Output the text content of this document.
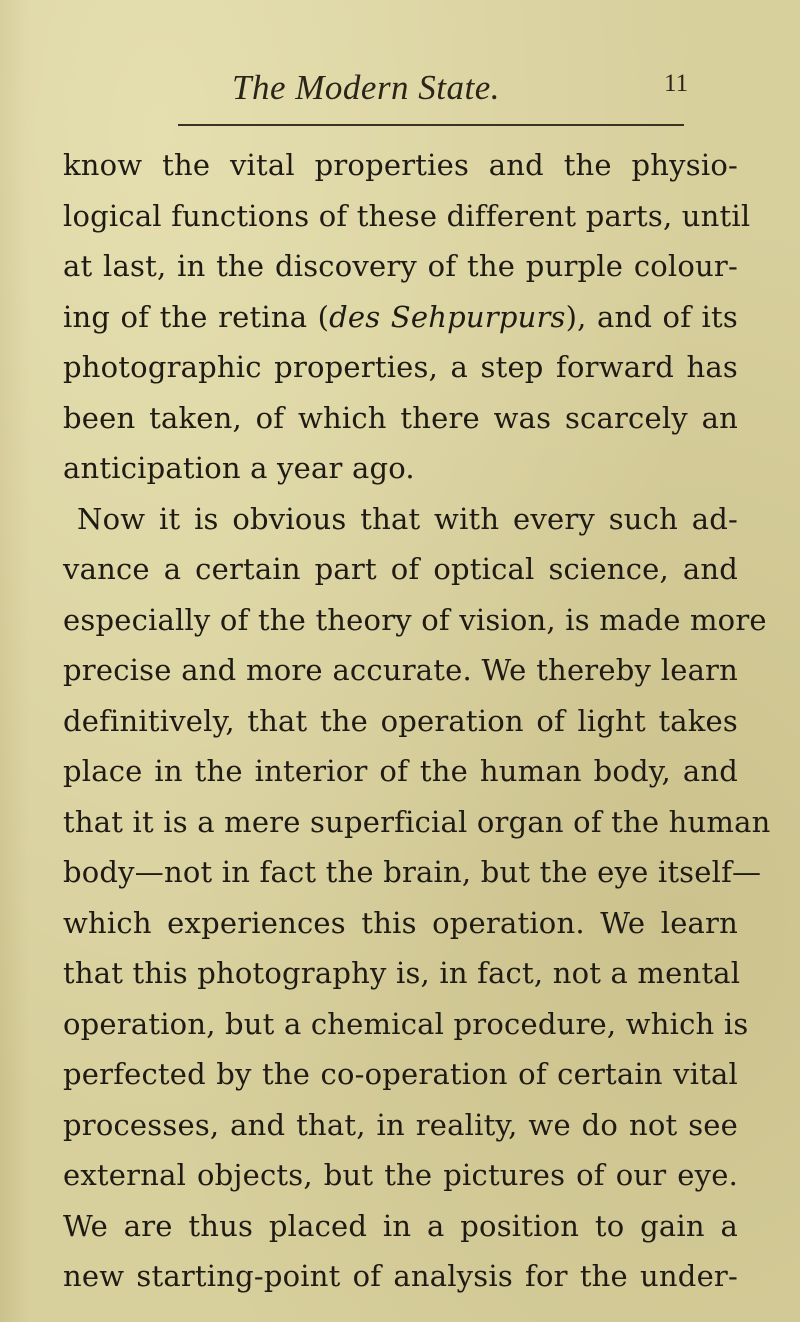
The Modern State.	11
know the vital properties and the physio-
logical functions of these different parts, until
at last, in the discovery of the purple colour-
ing of the retina (des Sehpurpurs), and of its
photographic properties, a step forward has
been taken, of which there was scarcely an
anticipation a year ago.
Now it is obvious that with every such ad-
vance a certain part of optical science, and
especially of the theory of vision, is made more
precise and more accurate. We thereby learn
definitively, that the operation of light takes
place in the interior of the human body, and
that it is a mere superficial organ of the human
body—not in fact the brain, but the eye itself—
which experiences this operation. We learn
that this photography is, in fact, not a mental
operation, but a chemical procedure, which is
perfected by the co-operation of certain vital
processes, and that, in reality, we do not see
external objects, but the pictures of our eye.
We are thus placed in a position to gain a
new starting-point of analysis for the under-
